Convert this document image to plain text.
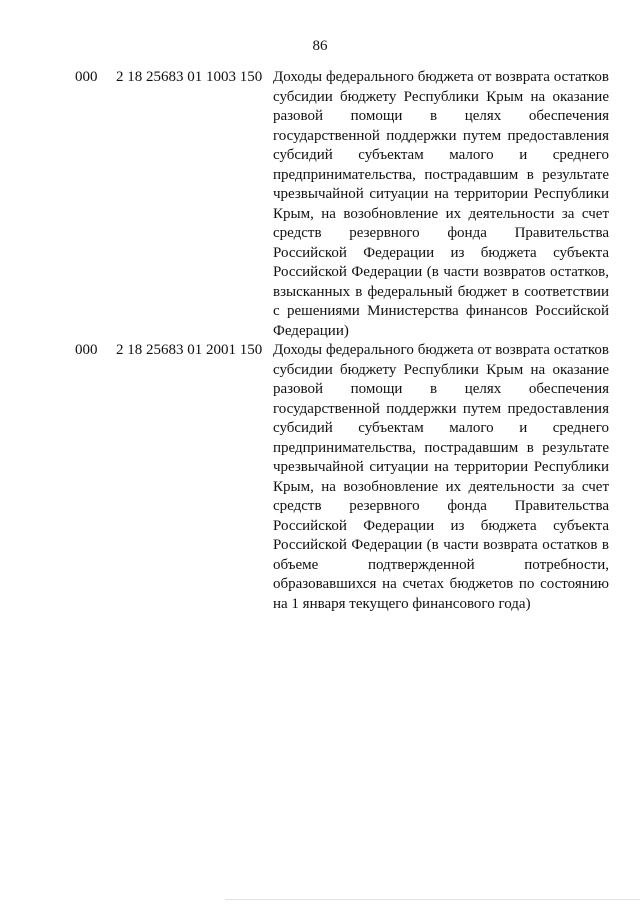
86
000 2 18 25683 01 1003 150 Доходы федерального бюджета от возврата остатков субсидии бюджету Республики Крым на оказание разовой помощи в целях обеспечения государственной поддержки путем предоставления субсидий субъектам малого и среднего предпринимательства, пострадавшим в результате чрезвычайной ситуации на территории Республики Крым, на возобновление их деятельности за счет средств резервного фонда Правительства Российской Федерации из бюджета субъекта Российской Федерации (в части возвратов остатков, взысканных в федеральный бюджет в соответствии с решениями Министерства финансов Российской Федерации)
000 2 18 25683 01 2001 150 Доходы федерального бюджета от возврата остатков субсидии бюджету Республики Крым на оказание разовой помощи в целях обеспечения государственной поддержки путем предоставления субсидий субъектам малого и среднего предпринимательства, пострадавшим в результате чрезвычайной ситуации на территории Республики Крым, на возобновление их деятельности за счет средств резервного фонда Правительства Российской Федерации из бюджета субъекта Российской Федерации (в части возврата остатков в объеме подтвержденной потребности, образовавшихся на счетах бюджетов по состоянию на 1 января текущего финансового года)
